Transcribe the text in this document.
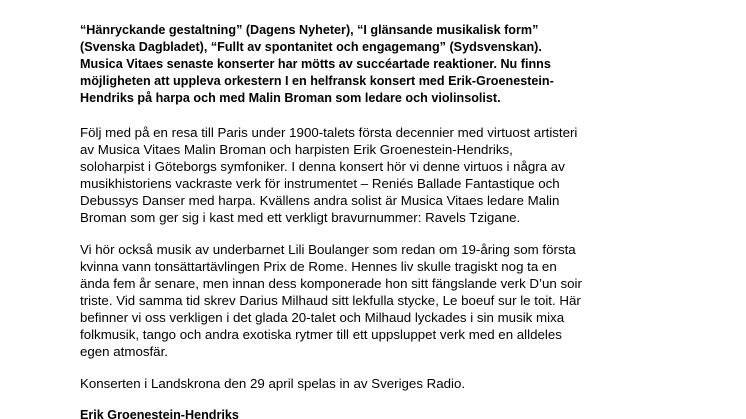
“Hänryckande gestaltning” (Dagens Nyheter), “I glänsande musikalisk form”
(Svenska Dagbladet), “Fullt av spontanitet och engagemang” (Sydsvenskan).
Musica Vitaes senaste konserter har mötts av succéartade reaktioner. Nu finns
möjligheten att uppleva orkestern I en helfransk konsert med Erik-Groenestein-
Hendriks på harpa och med Malin Broman som ledare och violinsolist.
Följ med på en resa till Paris under 1900-talets första decennier med virtuost artisteri
av Musica Vitaes Malin Broman och harpisten Erik Groenestein-Hendriks,
soloharpist i Göteborgs symfoniker. I denna konsert hör vi denne virtuos i några av
musikhistoriens vackraste verk för instrumentet – Reniés Ballade Fantastique och
Debussys Danser med harpa. Kvällens andra solist är Musica Vitaes ledare Malin
Broman som ger sig i kast med ett verkligt bravurnummer: Ravels Tzigane.
Vi hör också musik av underbarnet Lili Boulanger som redan om 19-åring som första
kvinna vann tonsättartävlingen Prix de Rome. Hennes liv skulle tragiskt nog ta en
ända fem år senare, men innan dess komponerade hon sitt fängslande verk D’un soir
triste. Vid samma tid skrev Darius Milhaud sitt lekfulla stycke, Le boeuf sur le toit. Här
befinner vi oss verkligen i det glada 20-talet och Milhaud lyckades i sin musik mixa
folkmusik, tango och andra exotiska rytmer till ett uppsluppet verk med en alldeles
egen atmosfär.
Konserten i Landskrona den 29 april spelas in av Sveriges Radio.
Erik Groenestein-Hendriks
